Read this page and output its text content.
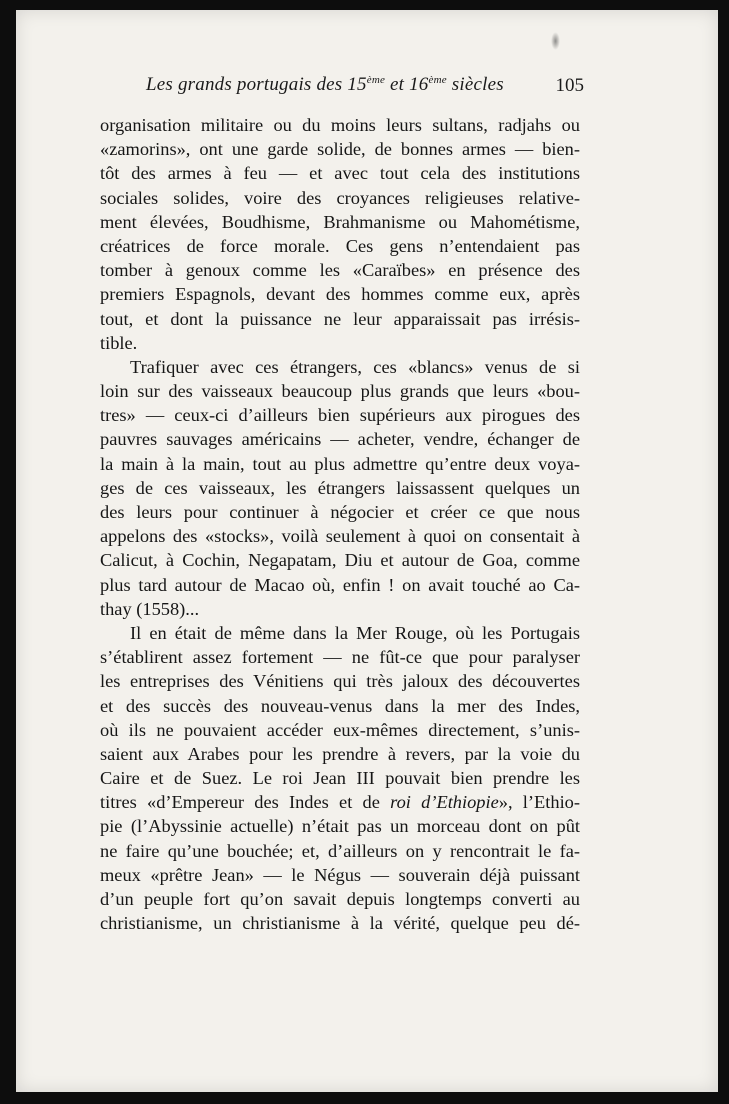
Les grands portugais des 15ème et 16ème siècles	105
organisation militaire ou du moins leurs sultans, radjahs ou
«zamorins», ont une garde solide, de bonnes armes — bien-
tôt des armes à feu — et avec tout cela des institutions
sociales solides, voire des croyances religieuses relative-
ment élevées, Boudhisme, Brahmanisme ou Mahométisme,
créatrices de force morale. Ces gens n’entendaient pas
tomber à genoux comme les «Caraïbes» en présence des
premiers Espagnols, devant des hommes comme eux, après
tout, et dont la puissance ne leur apparaissait pas irrésis-
tible.
Trafiquer avec ces étrangers, ces «blancs» venus de si
loin sur des vaisseaux beaucoup plus grands que leurs «bou-
tres» — ceux-ci d’ailleurs bien supérieurs aux pirogues des
pauvres sauvages américains — acheter, vendre, échanger de
la main à la main, tout au plus admettre qu’entre deux voya-
ges de ces vaisseaux, les étrangers laissassent quelques un
des leurs pour continuer à négocier et créer ce que nous
appelons des «stocks», voilà seulement à quoi on consentait à
Calicut, à Cochin, Negapatam, Diu et autour de Goa, comme
plus tard autour de Macao où, enfin ! on avait touché ao Ca-
thay (1558)...
Il en était de même dans la Mer Rouge, où les Portugais
s’établirent assez fortement — ne fût-ce que pour paralyser
les entreprises des Vénitiens qui très jaloux des découvertes
et des succès des nouveau-venus dans la mer des Indes,
où ils ne pouvaient accéder eux-mêmes directement, s’unis-
saient aux Arabes pour les prendre à revers, par la voie du
Caire et de Suez. Le roi Jean III pouvait bien prendre les
titres «d’Empereur des Indes et de roi d’Ethiopie», l’Ethio-
pie (l’Abyssinie actuelle) n’était pas un morceau dont on pût
ne faire qu’une bouchée; et, d’ailleurs on y rencontrait le fa-
meux «prêtre Jean» — le Négus — souverain déjà puissant
d’un peuple fort qu’on savait depuis longtemps converti au
christianisme, un christianisme à la vérité, quelque peu dé-
